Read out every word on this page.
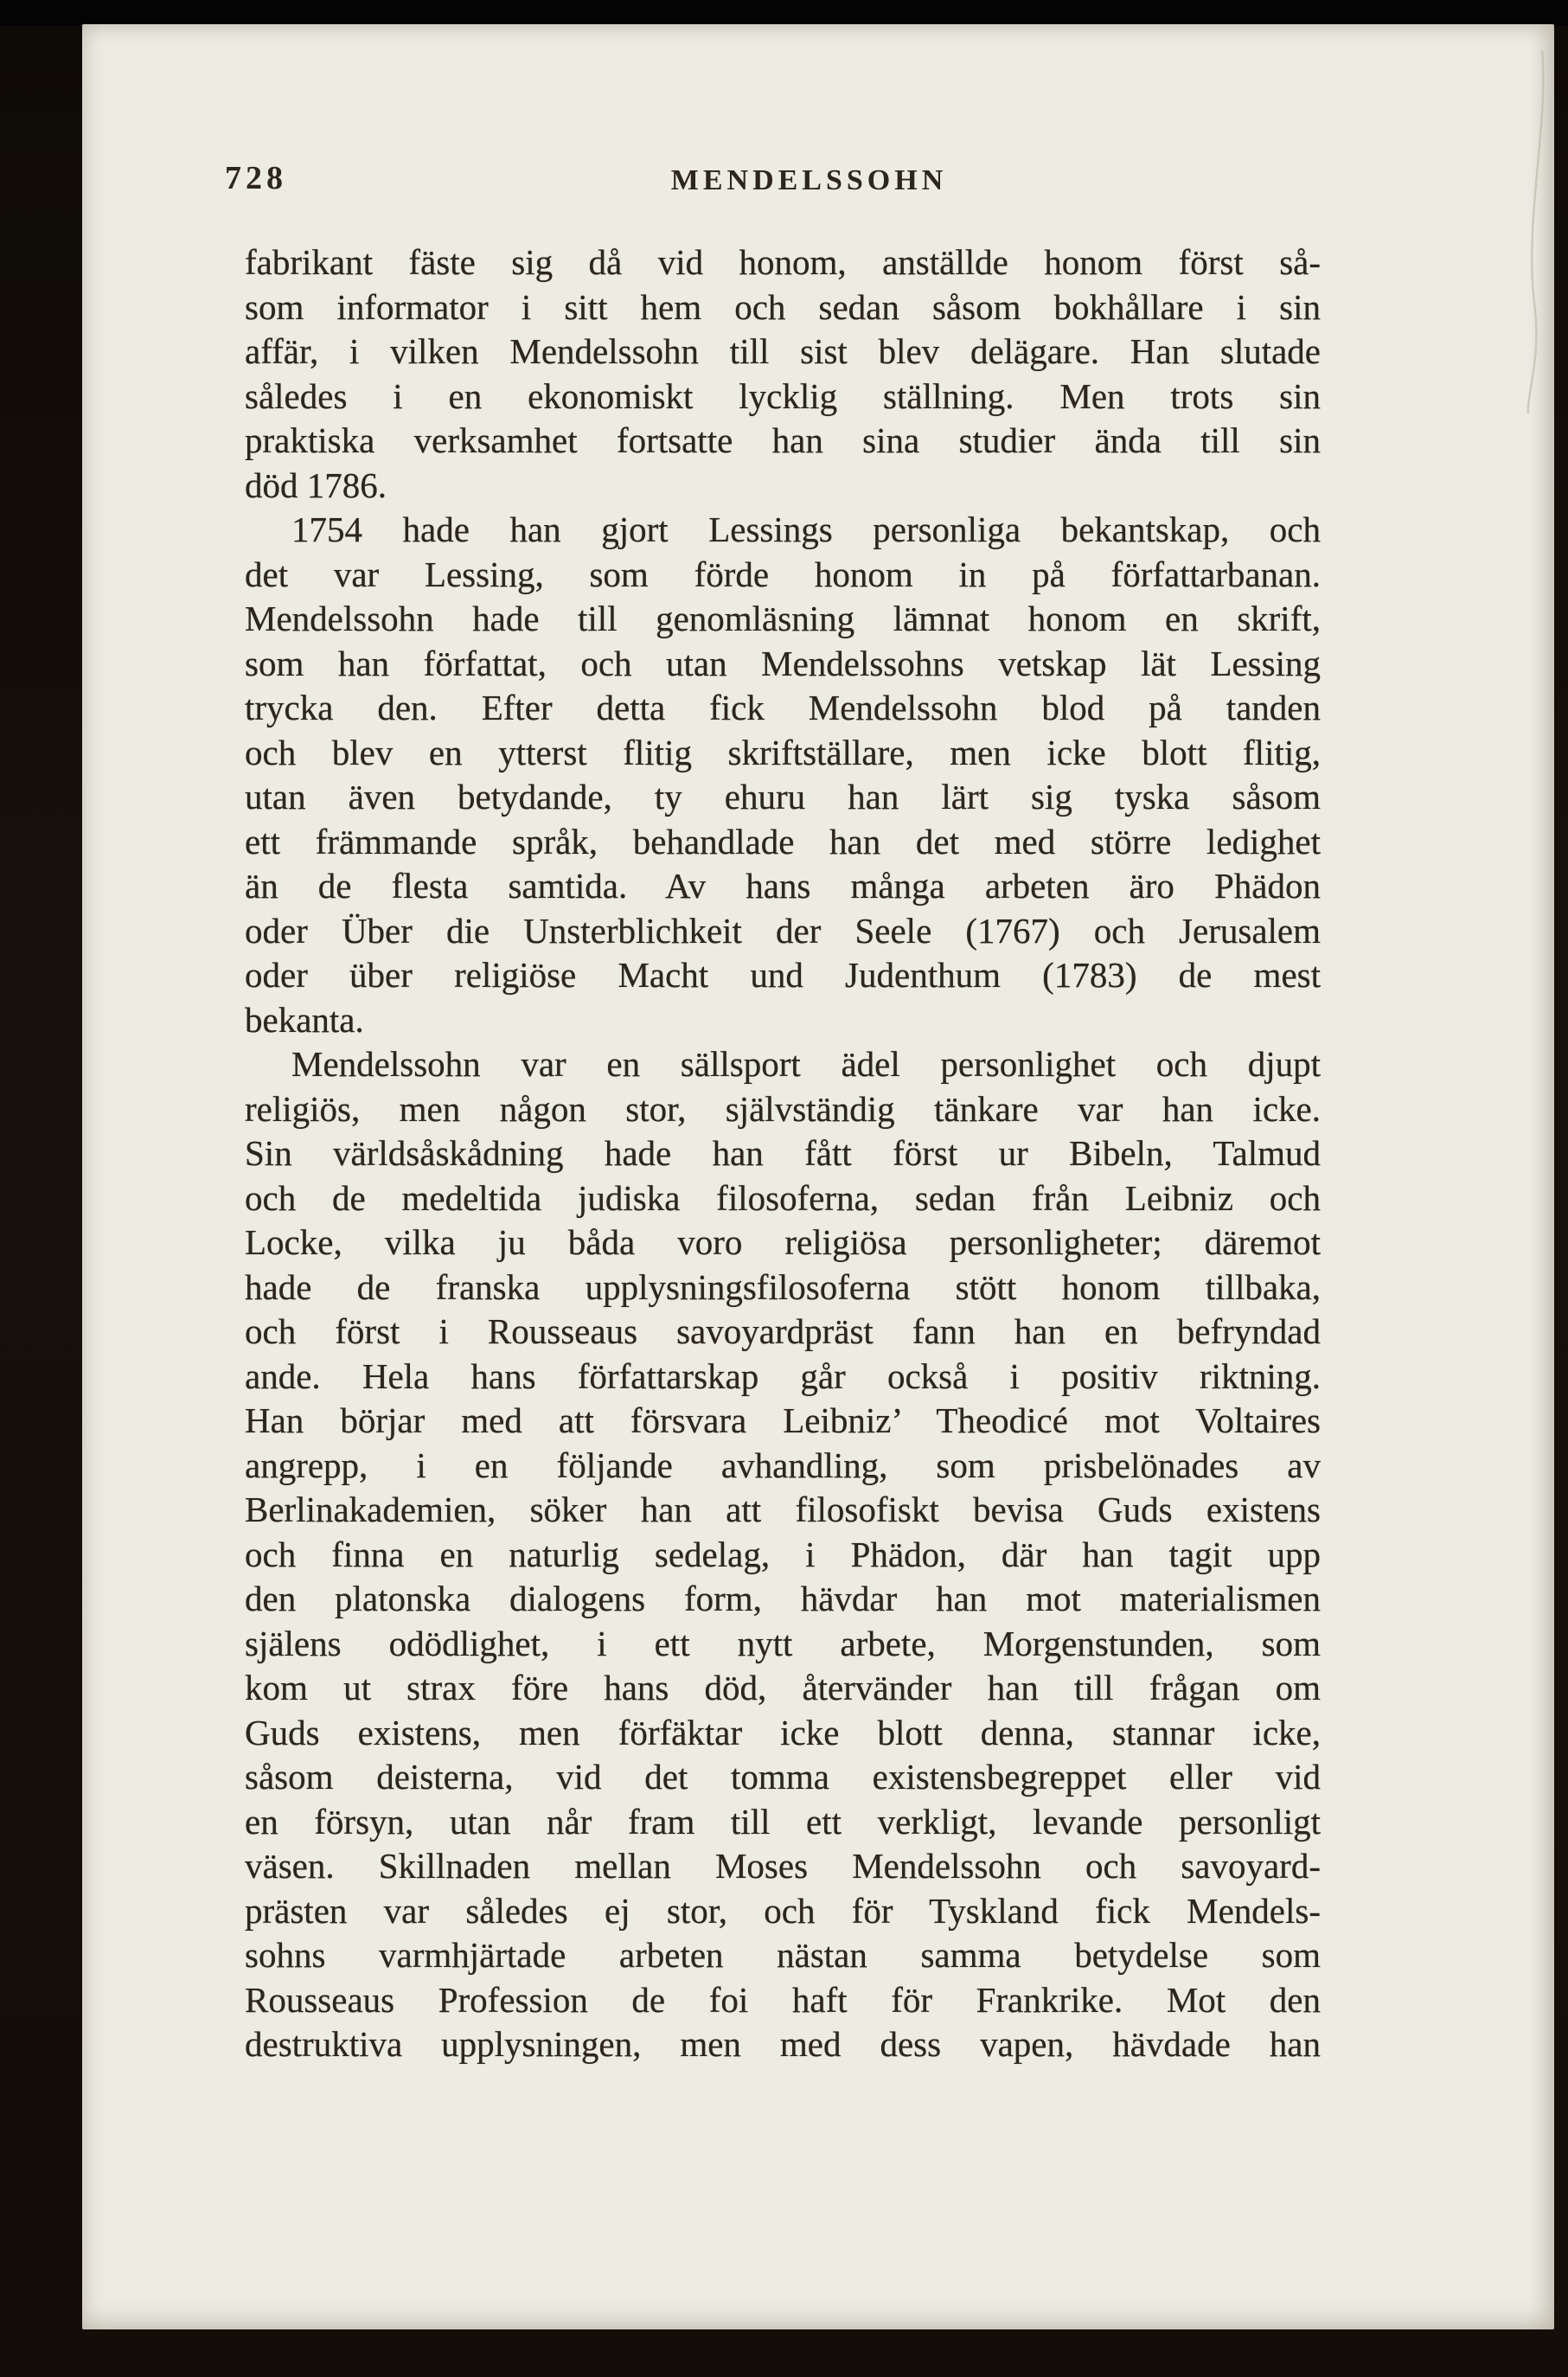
728	MENDELSSOHN
fabrikant fäste sig då vid honom, anställde honom först så-
som informator i sitt hem och sedan såsom bokhållare i sin
affär, i vilken Mendelssohn till sist blev delägare. Han slutade
således i en ekonomiskt lycklig ställning. Men trots sin
praktiska verksamhet fortsatte han sina studier ända till sin
död 1786.
1754 hade han gjort Lessings personliga bekantskap, och
det var Lessing, som förde honom in på författarbanan.
Mendelssohn hade till genomläsning lämnat honom en skrift,
som han författat, och utan Mendelssohns vetskap lät Lessing
trycka den. Efter detta fick Mendelssohn blod på tanden
och blev en ytterst flitig skriftställare, men icke blott flitig,
utan även betydande, ty ehuru han lärt sig tyska såsom
ett främmande språk, behandlade han det med större ledighet
än de flesta samtida. Av hans många arbeten äro Phädon
oder Über die Unsterblichkeit der Seele (1767) och Jerusalem
oder über religiöse Macht und Judenthum (1783) de mest
bekanta.
Mendelssohn var en sällsport ädel personlighet och djupt
religiös, men någon stor, självständig tänkare var han icke.
Sin världsåskådning hade han fått först ur Bibeln, Talmud
och de medeltida judiska filosoferna, sedan från Leibniz och
Locke, vilka ju båda voro religiösa personligheter; däremot
hade de franska upplysningsfilosoferna stött honom tillbaka,
och först i Rousseaus savoyardpräst fann han en befryndad
ande. Hela hans författarskap går också i positiv riktning.
Han börjar med att försvara Leibniz’ Theodicé mot Voltaires
angrepp, i en följande avhandling, som prisbelönades av
Berlinakademien, söker han att filosofiskt bevisa Guds existens
och finna en naturlig sedelag, i Phädon, där han tagit upp
den platonska dialogens form, hävdar han mot materialismen
själens odödlighet, i ett nytt arbete, Morgenstunden, som
kom ut strax före hans död, återvänder han till frågan om
Guds existens, men förfäktar icke blott denna, stannar icke,
såsom deisterna, vid det tomma existensbegreppet eller vid
en försyn, utan når fram till ett verkligt, levande personligt
väsen. Skillnaden mellan Moses Mendelssohn och savoyard-
prästen var således ej stor, och för Tyskland fick Mendels-
sohns varmhjärtade arbeten nästan samma betydelse som
Rousseaus Profession de foi haft för Frankrike. Mot den
destruktiva upplysningen, men med dess vapen, hävdade han
